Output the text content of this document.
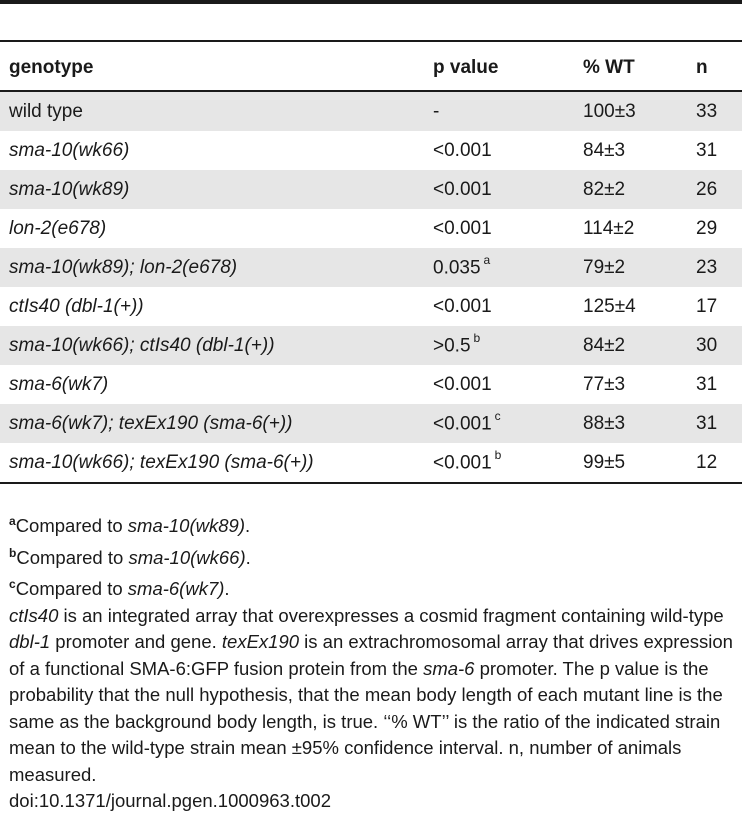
genotype	p value	% WT	n
wild type	-	100±3	33
sma-10(wk66)	<0.001	84±3	31
sma-10(wk89)	<0.001	82±2	26
lon-2(e678)	<0.001	114±2	29
sma-10(wk89); lon-2(e678)	0.035 $^a$	79±2	23
ctIs40 (dbl-1(+))	<0.001	125±4	17
sma-10(wk66); ctIs40 (dbl-1(+))	>0.5 $^b$	84±2	30
sma-6(wk7)	<0.001	77±3	31
sma-6(wk7); texEx190 (sma-6(+))	<0.001 $^c$	88±3	31
sma-10(wk66); texEx190 (sma-6(+))	<0.001 $^b$	99±5	12

$^a$Compared to sma-10(wk89).

$^b$Compared to sma-10(wk66).

$^c$Compared to sma-6(wk7).

ctIs40 is an integrated array that overexpresses a cosmid fragment containing wild-type dbl-1 promoter and gene. texEx190 is an extrachromosomal array that drives expression of a functional SMA-6:GFP fusion protein from the sma-6 promoter. The p value is the probability that the null hypothesis, that the mean body length of each mutant line is the same as the background body length, is true. ‘‘% WT’’ is the ratio of the indicated strain mean to the wild-type strain mean ±95% confidence interval. n, number of animals measured.

doi:10.1371/journal.pgen.1000963.t002
